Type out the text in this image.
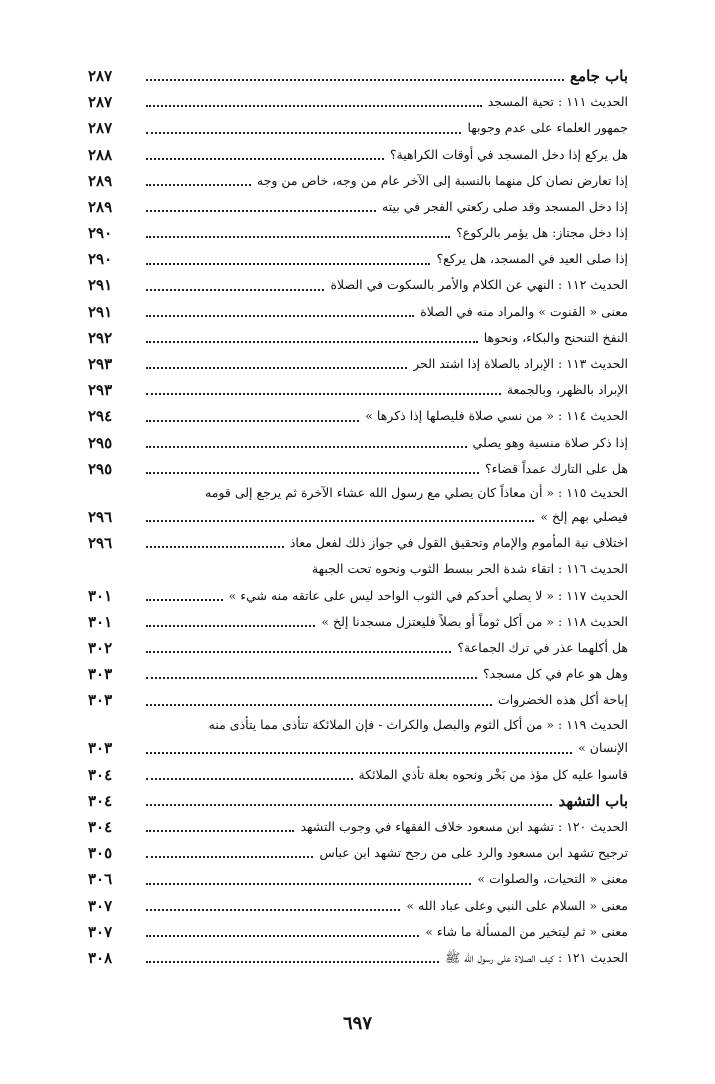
باب جامع
٢٨٧
الحديث ١١١ : تحية المسجد
٢٨٧
جمهور العلماء على عدم وجوبها
٢٨٧
هل يركع إذا دخل المسجد في أوقات الكراهية؟
٢٨٨
إذا تعارض نصان كل منهما بالنسبة إلى الآخر عام من وجه، خاص من وجه
٢٨٩
إذا دخل المسجد وقد صلى ركعتي الفجر في بيته
٢٨٩
إذا دخل مجتاز: هل يؤمر بالركوع؟
٢٩٠
إذا صلى العيد في المسجد، هل يركع؟
٢٩٠
الحديث ١١٢ : النهي عن الكلام والأمر بالسكوت في الصلاة
٢٩١
معنى « القنوت » والمراد منه في الصلاة
٢٩١
النفخ التنحنح والبكاء، ونحوها
٢٩٢
الحديث ١١٣ : الإبراد بالصلاة إذا اشتد الحر
٢٩٣
الإبراد بالظهر، وبالجمعة
٢٩٣
الحديث ١١٤ : « من نسي صلاة فليصلها إذا ذكرها »
٢٩٤
إذا ذكر صلاة منسية وهو يصلي
٢٩٥
هل على التارك عمداً قضاء؟
٢٩٥
الحديث ١١٥ : « أن معاذاً كان يصلي مع رسول الله عشاء الآخرة ثم يرجع إلى قومه
فيصلي بهم إلخ »
٢٩٦
اختلاف نية المأموم والإمام وتحقيق القول في جواز ذلك لفعل معاذ
٢٩٦
الحديث ١١٦ : اتقاء شدة الحر ببسط الثوب ونحوه تحت الجبهة
الحديث ١١٧ : « لا يصلي أحدكم في الثوب الواحد ليس على عاتقه منه شيء »
٣٠١
الحديث ١١٨ : « من أكل ثوماً أو بصلاً فليعتزل مسجدنا إلخ »
٣٠١
هل أكلهما عذر في ترك الجماعة؟
٣٠٢
وهل هو عام في كل مسجد؟
٣٠٣
إباحة أكل هذه الخضروات
٣٠٣
الحديث ١١٩ : « من أكل الثوم والبصل والكراث - فإن الملائكة تتأذى مما يتأذى منه
الإنسان »
٣٠٣
قاسوا عليه كل مؤذ من بَخْر ونحوه بعلة تأذي الملائكة
٣٠٤
باب التشهد
٣٠٤
الحديث ١٢٠ : تشهد ابن مسعود خلاف الفقهاء في وجوب التشهد
٣٠٤
ترجيح تشهد ابن مسعود والرد على من رجح تشهد ابن عباس
٣٠٥
معنى « التحيات، والصلوات »
٣٠٦
معنى « السلام على النبي وعلى عباد الله »
٣٠٧
معنى « ثم ليتخير من المسألة ما شاء »
٣٠٧
الحديث ١٢١ : كيف الصلاة على رسول الله ﷺ
٣٠٨
٦٩٧
